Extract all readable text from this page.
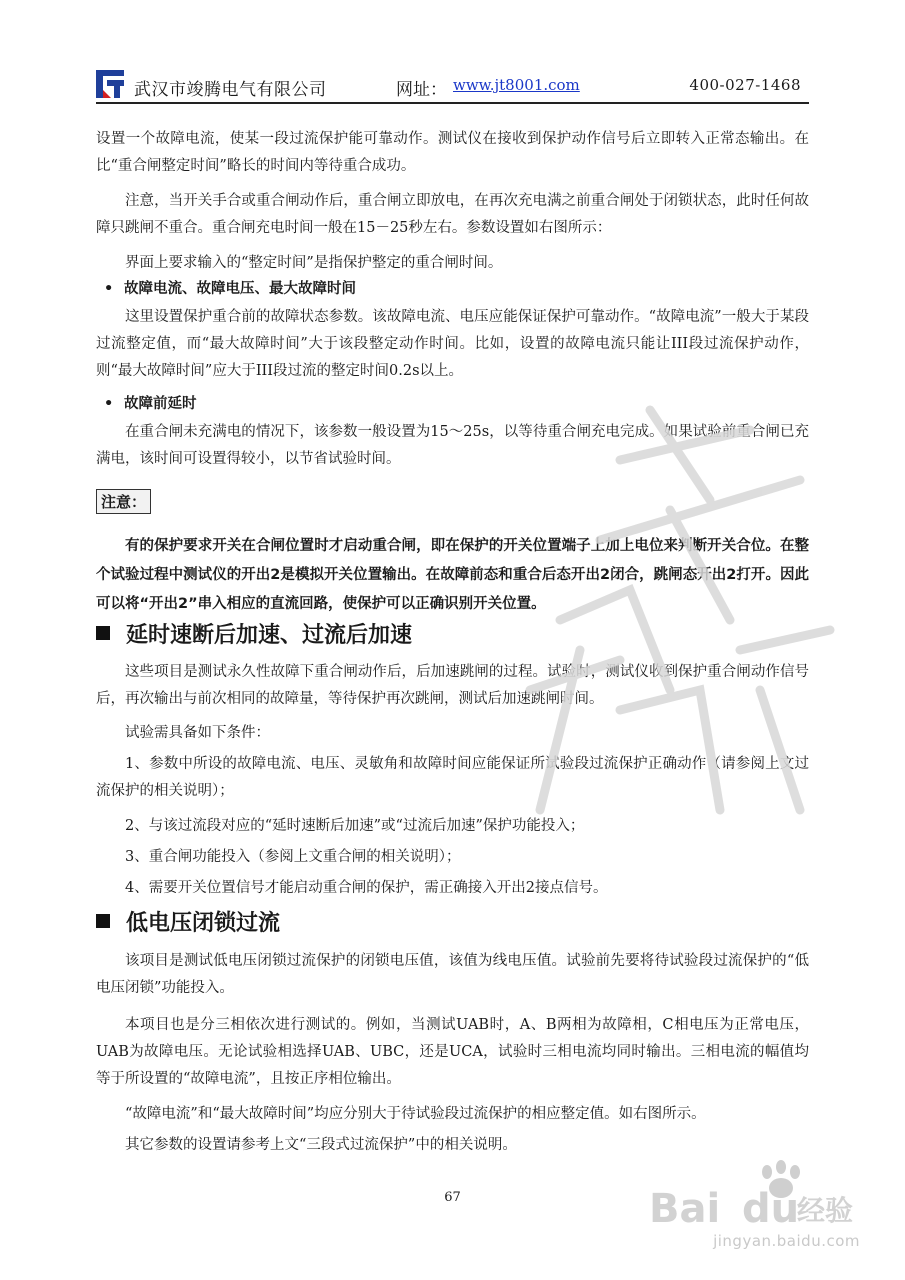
武汉市竣腾电气有限公司	网址： www.jt8001.com	400-027-1468

设置一个故障电流，使某一段过流保护能可靠动作。测试仪在接收到保护动作信号后立即转入正常态输出。在比“重合闸整定时间”略长的时间内等待重合成功。

注意，当开关手合或重合闸动作后，重合闸立即放电，在再次充电满之前重合闸处于闭锁状态，此时任何故障只跳闸不重合。重合闸充电时间一般在15－25秒左右。参数设置如右图所示：

界面上要求输入的“整定时间”是指保护整定的重合闸时间。

• 故障电流、故障电压、最大故障时间

这里设置保护重合前的故障状态参数。该故障电流、电压应能保证保护可靠动作。“故障电流”一般大于某段过流整定值，而“最大故障时间”大于该段整定动作时间。比如，设置的故障电流只能让III段过流保护动作，则“最大故障时间”应大于III段过流的整定时间0.2s以上。

• 故障前延时

在重合闸未充满电的情况下，该参数一般设置为15～25s，以等待重合闸充电完成。如果试验前重合闸已充满电，该时间可设置得较小，以节省试验时间。

注意：

有的保护要求开关在合闸位置时才启动重合闸，即在保护的开关位置端子上加上电位来判断开关合位。在整个试验过程中测试仪的开出2是模拟开关位置输出。在故障前态和重合后态开出2闭合，跳闸态开出2打开。因此可以将“开出2”串入相应的直流回路，使保护可以正确识别开关位置。

延时速断后加速、过流后加速

这些项目是测试永久性故障下重合闸动作后，后加速跳闸的过程。试验时，测试仪收到保护重合闸动作信号后，再次输出与前次相同的故障量，等待保护再次跳闸，测试后加速跳闸时间。

试验需具备如下条件：

1、参数中所设的故障电流、电压、灵敏角和故障时间应能保证所试验段过流保护正确动作（请参阅上文过流保护的相关说明）；

2、与该过流段对应的“延时速断后加速”或“过流后加速”保护功能投入；

3、重合闸功能投入（参阅上文重合闸的相关说明）；

4、需要开关位置信号才能启动重合闸的保护，需正确接入开出2接点信号。

低电压闭锁过流

该项目是测试低电压闭锁过流保护的闭锁电压值，该值为线电压值。试验前先要将待试验段过流保护的“低电压闭锁”功能投入。

本项目也是分三相依次进行测试的。例如，当测试UAB时，A、B两相为故障相，C相电压为正常电压，UAB为故障电压。无论试验相选择UAB、UBC，还是UCA，试验时三相电流均同时输出。三相电流的幅值均等于所设置的“故障电流”，且按正序相位输出。

“故障电流”和“最大故障时间”均应分别大于待试验段过流保护的相应整定值。如右图所示。

其它参数的设置请参考上文“三段式过流保护”中的相关说明。

67	Bai du
经验
jingyan.baidu.com
